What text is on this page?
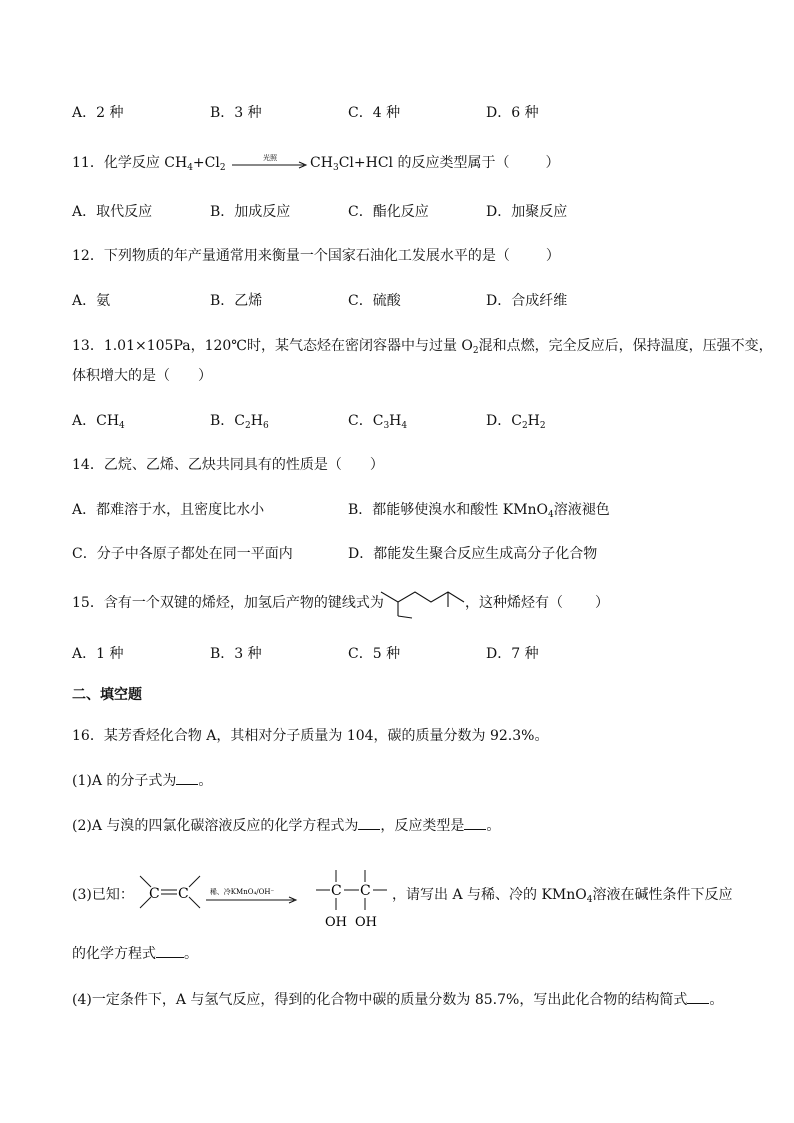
A．2 种	B．3 种	C．4 种	D．6 种
11．化学反应 $CH_4+Cl_2$
光照 $CH_3Cl+HCl$ 的反应类型属于（	）
A．取代反应	B．加成反应	C．酯化反应	D．加聚反应
12．下列物质的年产量通常用来衡量一个国家石油化工发展水平的是（	）
A．氨	B．乙烯	C．硫酸	D．合成纤维
13．1.01×105Pa，120℃时，某气态烃在密闭容器中与过量 $O_2$混和点燃，完全反应后，保持温度，压强不变，
体积增大的是（ ）
A．$CH_4$	B．$C_2H_6$	C．$C_3H_4$	D．$C_2H_2$
14．乙烷、乙烯、乙炔共同具有的性质是（ ）
A．都难溶于水，且密度比水小	B．都能够使溴水和酸性 KMnO$_4$溶液褪色
C．分子中各原子都处在同一平面内	D．都能发生聚合反应生成高分子化合物
15．含有一个双键的烯烃，加氢后产物的键线式为	，这种烯烃有（ ）
A．1 种	B．3 种	C．5 种	D．7 种
二、填空题
16．某芳香烃化合物 A，其相对分子质量为 104，碳的质量分数为 92.3%。
(1)A 的分子式为 。
(2)A 与溴的四氯化碳溶液反应的化学方程式为 ，反应类型是 。
(3)已知： C C	稀、冷KMnO₄/OH⁻	C C
OH OH
，请写出 A 与稀、冷的 KMnO$_4$溶液在碱性条件下反应
的化学方程式 。
(4)一定条件下，A 与氢气反应，得到的化合物中碳的质量分数为 85.7%，写出此化合物的结构简式 。
